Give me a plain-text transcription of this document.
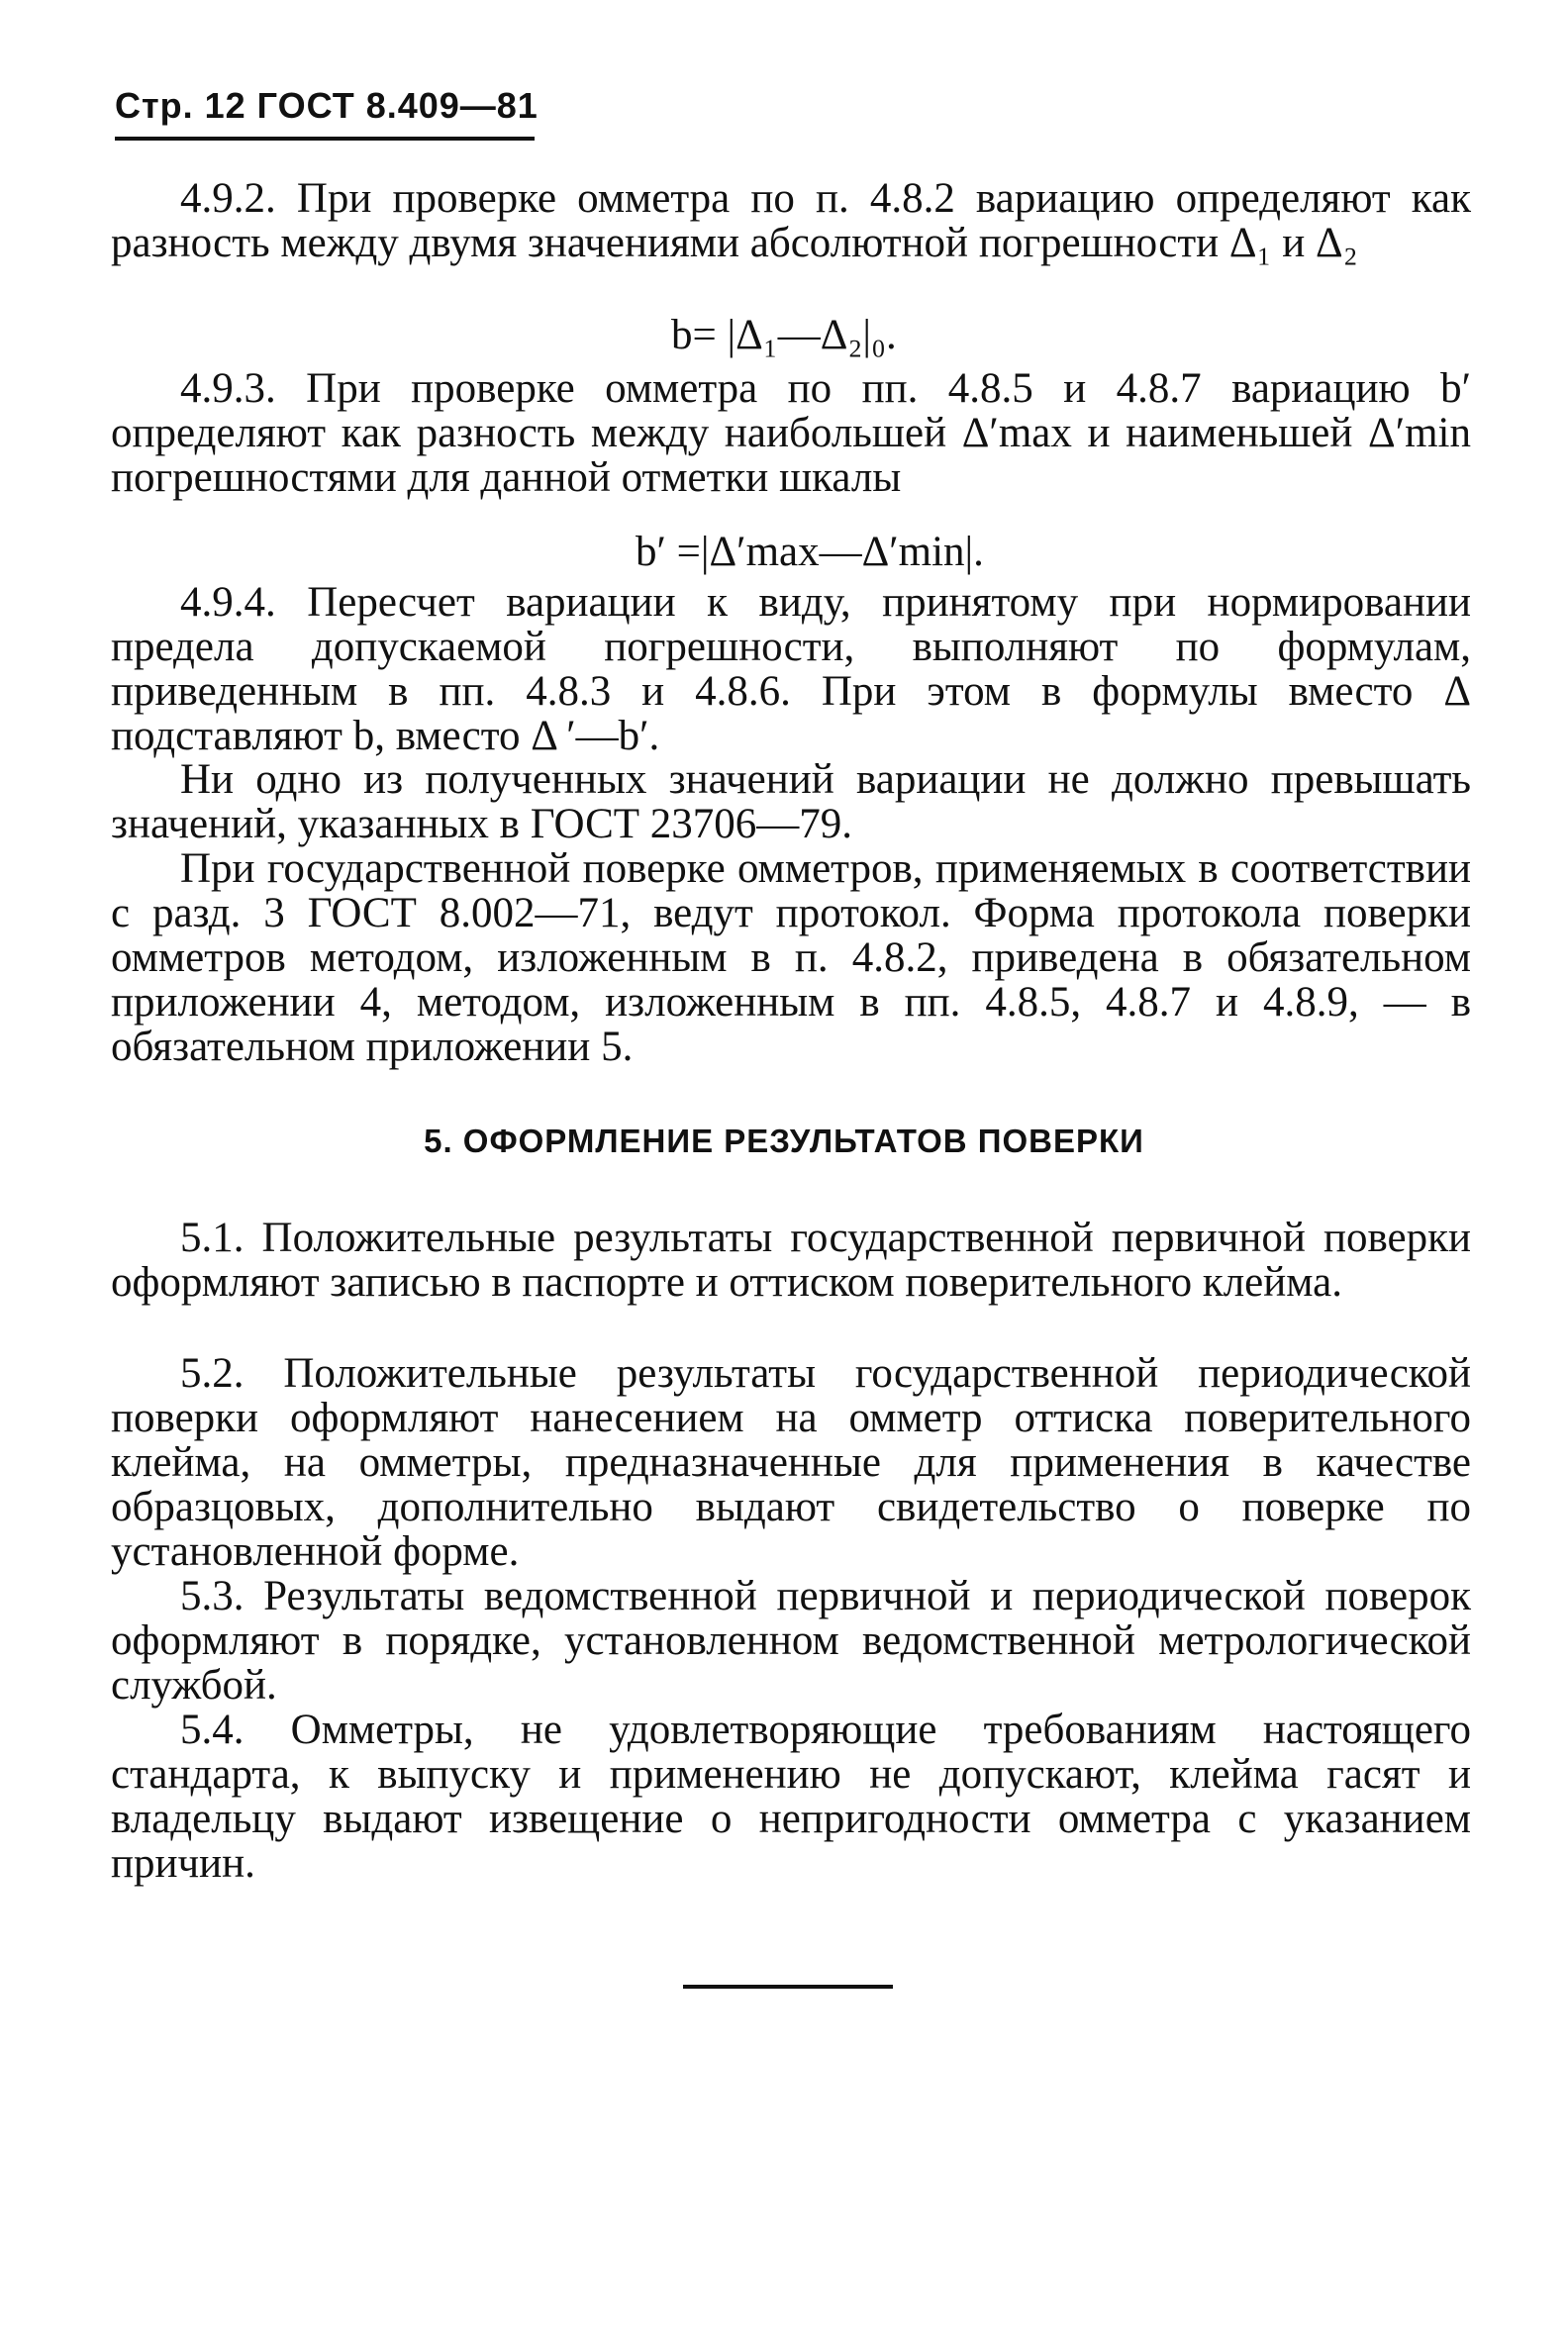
Стр. 12 ГОСТ 8.409—81

4.9.2. При проверке омметра по п. 4.8.2 вариацию определяют как разность между двумя значениями абсолютной погрешности Δ₁ и Δ₂

b= |Δ₁—Δ₂|₀.

4.9.3. При проверке омметра по пп. 4.8.5 и 4.8.7 вариацию b′ определяют как разность между наибольшей Δ′max и наименьшей Δ′min погрешностями для данной отметки шкалы

b′ =|Δ′max—Δ′min|.

4.9.4. Пересчет вариации к виду, принятому при нормировании предела допускаемой погрешности, выполняют по формулам, приведенным в пп. 4.8.3 и 4.8.6. При этом в формулы вместо Δ подставляют b, вместо Δ ′—b′.

Ни одно из полученных значений вариации не должно превышать значений, указанных в ГОСТ 23706—79.

При государственной поверке омметров, применяемых в соответствии с разд. 3 ГОСТ 8.002—71, ведут протокол. Форма протокола поверки омметров методом, изложенным в п. 4.8.2, приведена в обязательном приложении 4, методом, изложенным в пп. 4.8.5, 4.8.7 и 4.8.9, — в обязательном приложении 5.

5. ОФОРМЛЕНИЕ РЕЗУЛЬТАТОВ ПОВЕРКИ

5.1. Положительные результаты государственной первичной поверки оформляют записью в паспорте и оттиском поверительного клейма.

5.2. Положительные результаты государственной периодической поверки оформляют нанесением на омметр оттиска поверительного клейма, на омметры, предназначенные для применения в качестве образцовых, дополнительно выдают свидетельство о поверке по установленной форме.

5.3. Результаты ведомственной первичной и периодической поверок оформляют в порядке, установленном ведомственной метрологической службой.

5.4. Омметры, не удовлетворяющие требованиям настоящего стандарта, к выпуску и применению не допускают, клейма гасят и владельцу выдают извещение о непригодности омметра с указанием причин.
